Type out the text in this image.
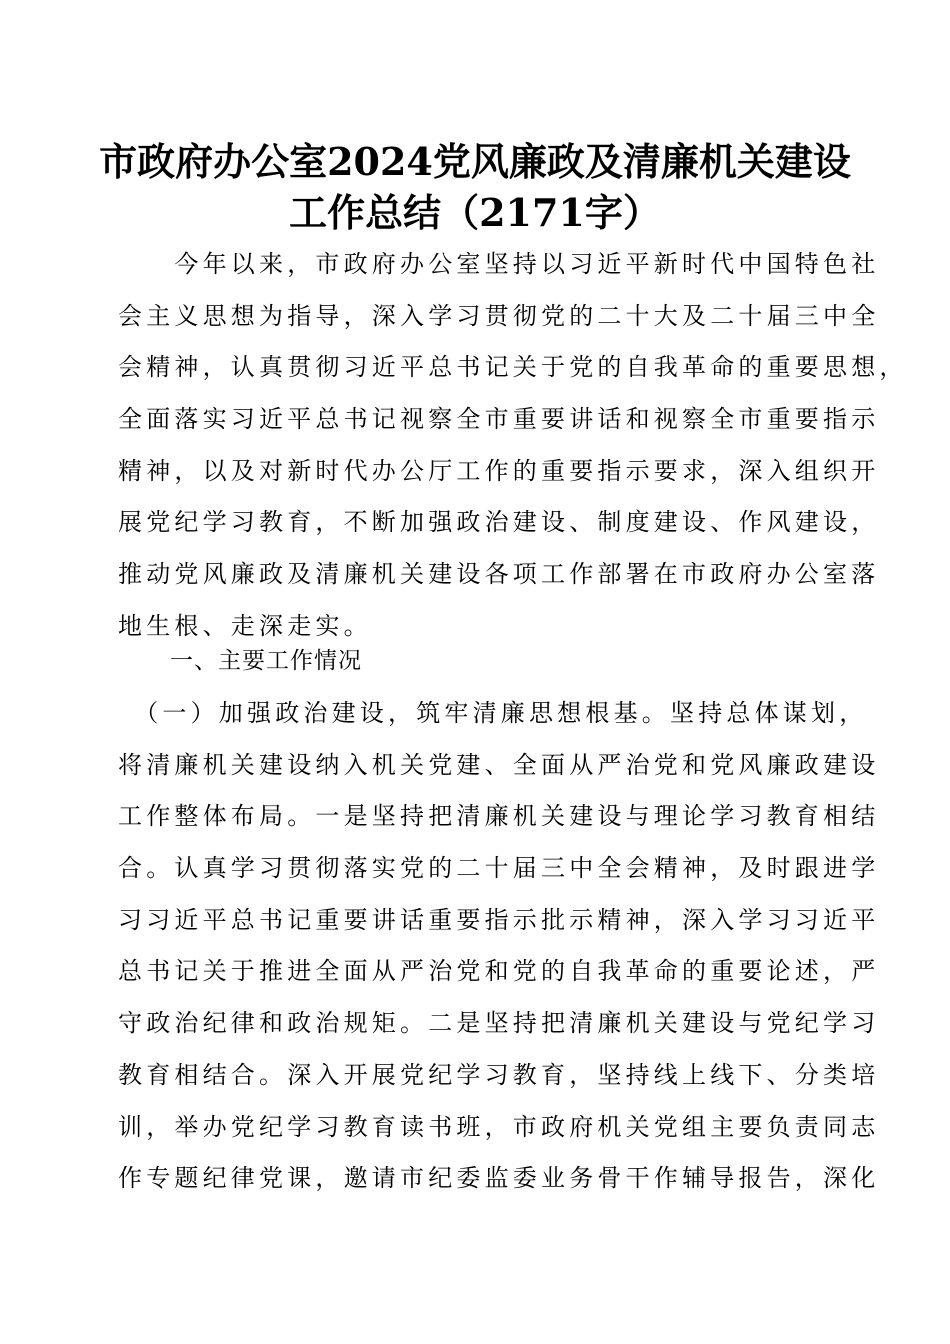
市政府办公室2024党风廉政及清廉机关建设
工作总结（2171字）
　　今年以来，市政府办公室坚持以习近平新时代中国特色社
会主义思想为指导，深入学习贯彻党的二十大及二十届三中全
会精神，认真贯彻习近平总书记关于党的自我革命的重要思想，
全面落实习近平总书记视察全市重要讲话和视察全市重要指示
精神，以及对新时代办公厅工作的重要指示要求，深入组织开
展党纪学习教育，不断加强政治建设、制度建设、作风建设，
推动党风廉政及清廉机关建设各项工作部署在市政府办公室落
地生根、走深走实。
一、主要工作情况
　（一）加强政治建设，筑牢清廉思想根基。坚持总体谋划，
将清廉机关建设纳入机关党建、全面从严治党和党风廉政建设
工作整体布局。一是坚持把清廉机关建设与理论学习教育相结
合。认真学习贯彻落实党的二十届三中全会精神，及时跟进学
习习近平总书记重要讲话重要指示批示精神，深入学习习近平
总书记关于推进全面从严治党和党的自我革命的重要论述，严
守政治纪律和政治规矩。二是坚持把清廉机关建设与党纪学习
教育相结合。深入开展党纪学习教育，坚持线上线下、分类培
训，举办党纪学习教育读书班，市政府机关党组主要负责同志
作专题纪律党课，邀请市纪委监委业务骨干作辅导报告，深化
